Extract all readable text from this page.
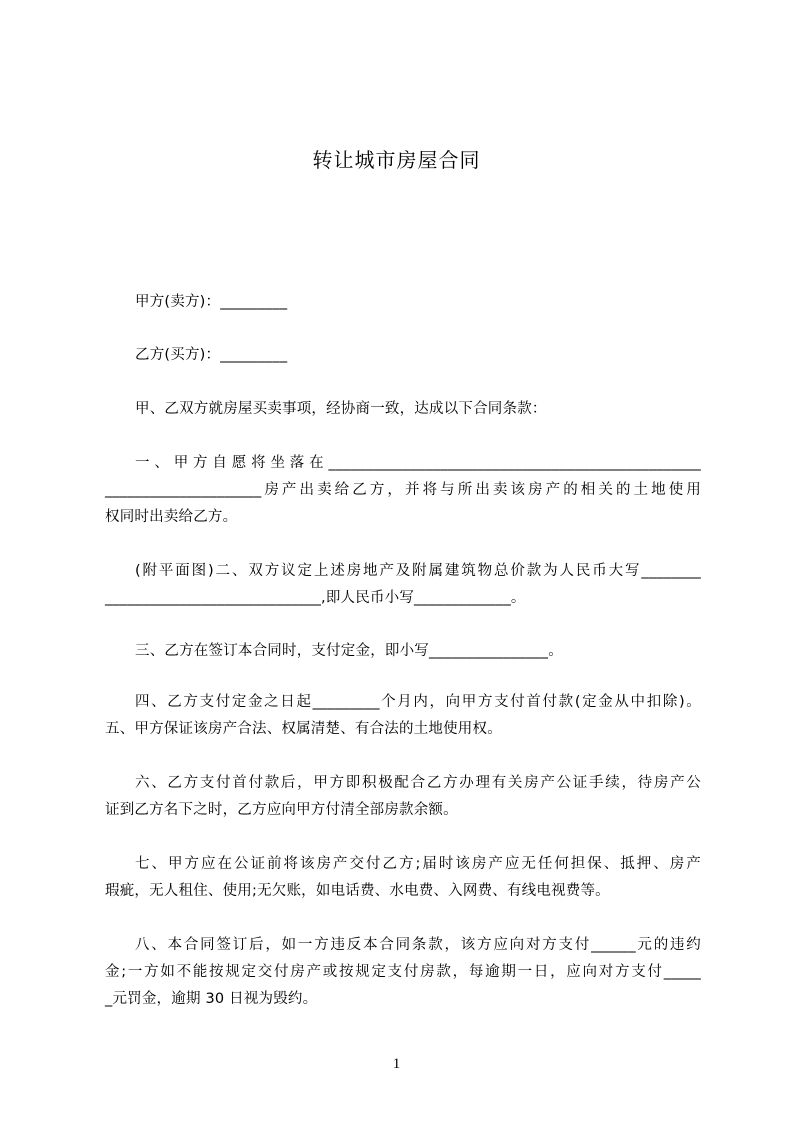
转让城市房屋合同
甲方(卖方)：_________
乙方(买方)：_________
甲、乙双方就房屋买卖事项，经协商一致，达成以下合同条款：
一、甲方自愿将坐落在__________________________________________________
_____________________房产出卖给乙方，并将与所出卖该房产的相关的土地使用
权同时出卖给乙方。
(附平面图)二、双方议定上述房地产及附属建筑物总价款为人民币大写________
_____________________________,即人民币小写_____________。
三、乙方在签订本合同时，支付定金，即小写________________。
四、乙方支付定金之日起_________个月内，向甲方支付首付款(定金从中扣除)。
五、甲方保证该房产合法、权属清楚、有合法的土地使用权。
六、乙方支付首付款后，甲方即积极配合乙方办理有关房产公证手续，待房产公
证到乙方名下之时，乙方应向甲方付清全部房款余额。
七、甲方应在公证前将该房产交付乙方;届时该房产应无任何担保、抵押、房产
瑕疵，无人租住、使用;无欠账，如电话费、水电费、入网费、有线电视费等。
八、本合同签订后，如一方违反本合同条款，该方应向对方支付______元的违约
金;一方如不能按规定交付房产或按规定支付房款，每逾期一日，应向对方支付_____
_元罚金，逾期 30 日视为毁约。
1
